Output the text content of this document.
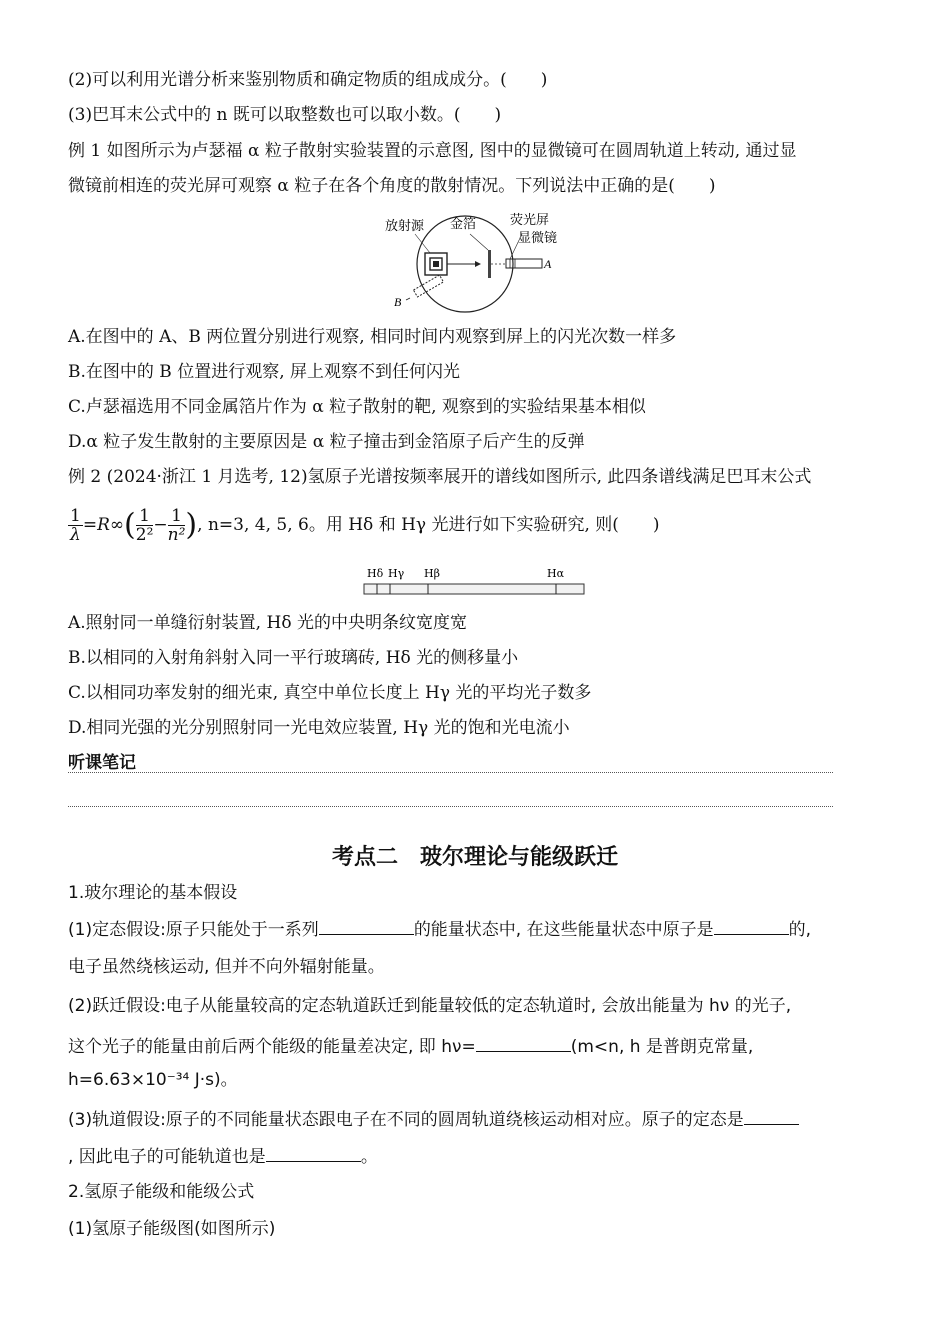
(2)可以利用光谱分析来鉴别物质和确定物质的组成成分。(　　)
(3)巴耳末公式中的 n 既可以取整数也可以取小数。(　　)
例 1 如图所示为卢瑟福 α 粒子散射实验装置的示意图, 图中的显微镜可在圆周轨道上转动, 通过显
微镜前相连的荧光屏可观察 α 粒子在各个角度的散射情况。下列说法中正确的是(　　)
A
B
放射源 金箔	荧光屏
显微镜
A.在图中的 A、B 两位置分别进行观察, 相同时间内观察到屏上的闪光次数一样多
B.在图中的 B 位置进行观察, 屏上观察不到任何闪光
C.卢瑟福选用不同金属箔片作为 α 粒子散射的靶, 观察到的实验结果基本相似
D.α 粒子发生散射的主要原因是 α 粒子撞击到金箔原子后产生的反弹
例 2 (2024·浙江 1 月选考, 12)氢原子光谱按频率展开的谱线如图所示, 此四条谱线满足巴耳末公式
$\frac{1}{\lambda} =R\infty( \frac{1}{\text{2²}} - \frac{1}{\text{n²}}$ ), n=3, 4, 5, 6。用 Hδ 和 Hγ 光进行如下实验研究, 则(　　)
Hδ Hγ Hβ	Hα
A.照射同一单缝衍射装置, Hδ 光的中央明条纹宽度宽
B.以相同的入射角斜射入同一平行玻璃砖, Hδ 光的侧移量小
C.以相同功率发射的细光束, 真空中单位长度上 Hγ 光的平均光子数多
D.相同光强的光分别照射同一光电效应装置, Hγ 光的饱和光电流小
听课笔记
考点二　玻尔理论与能级跃迁
1.玻尔理论的基本假设
(1)定态假设:原子只能处于一系列	的能量状态中, 在这些能量状态中原子是	的,
电子虽然绕核运动, 但并不向外辐射能量。
(2)跃迁假设:电子从能量较高的定态轨道跃迁到能量较低的定态轨道时, 会放出能量为 hν 的光子,
这个光子的能量由前后两个能级的能量差决定, 即 hν=	(m<n, h 是普朗克常量,
h=6.63×10⁻³⁴ J·s)。
(3)轨道假设:原子的不同能量状态跟电子在不同的圆周轨道绕核运动相对应。原子的定态是
, 因此电子的可能轨道也是	。
2.氢原子能级和能级公式
(1)氢原子能级图(如图所示)
